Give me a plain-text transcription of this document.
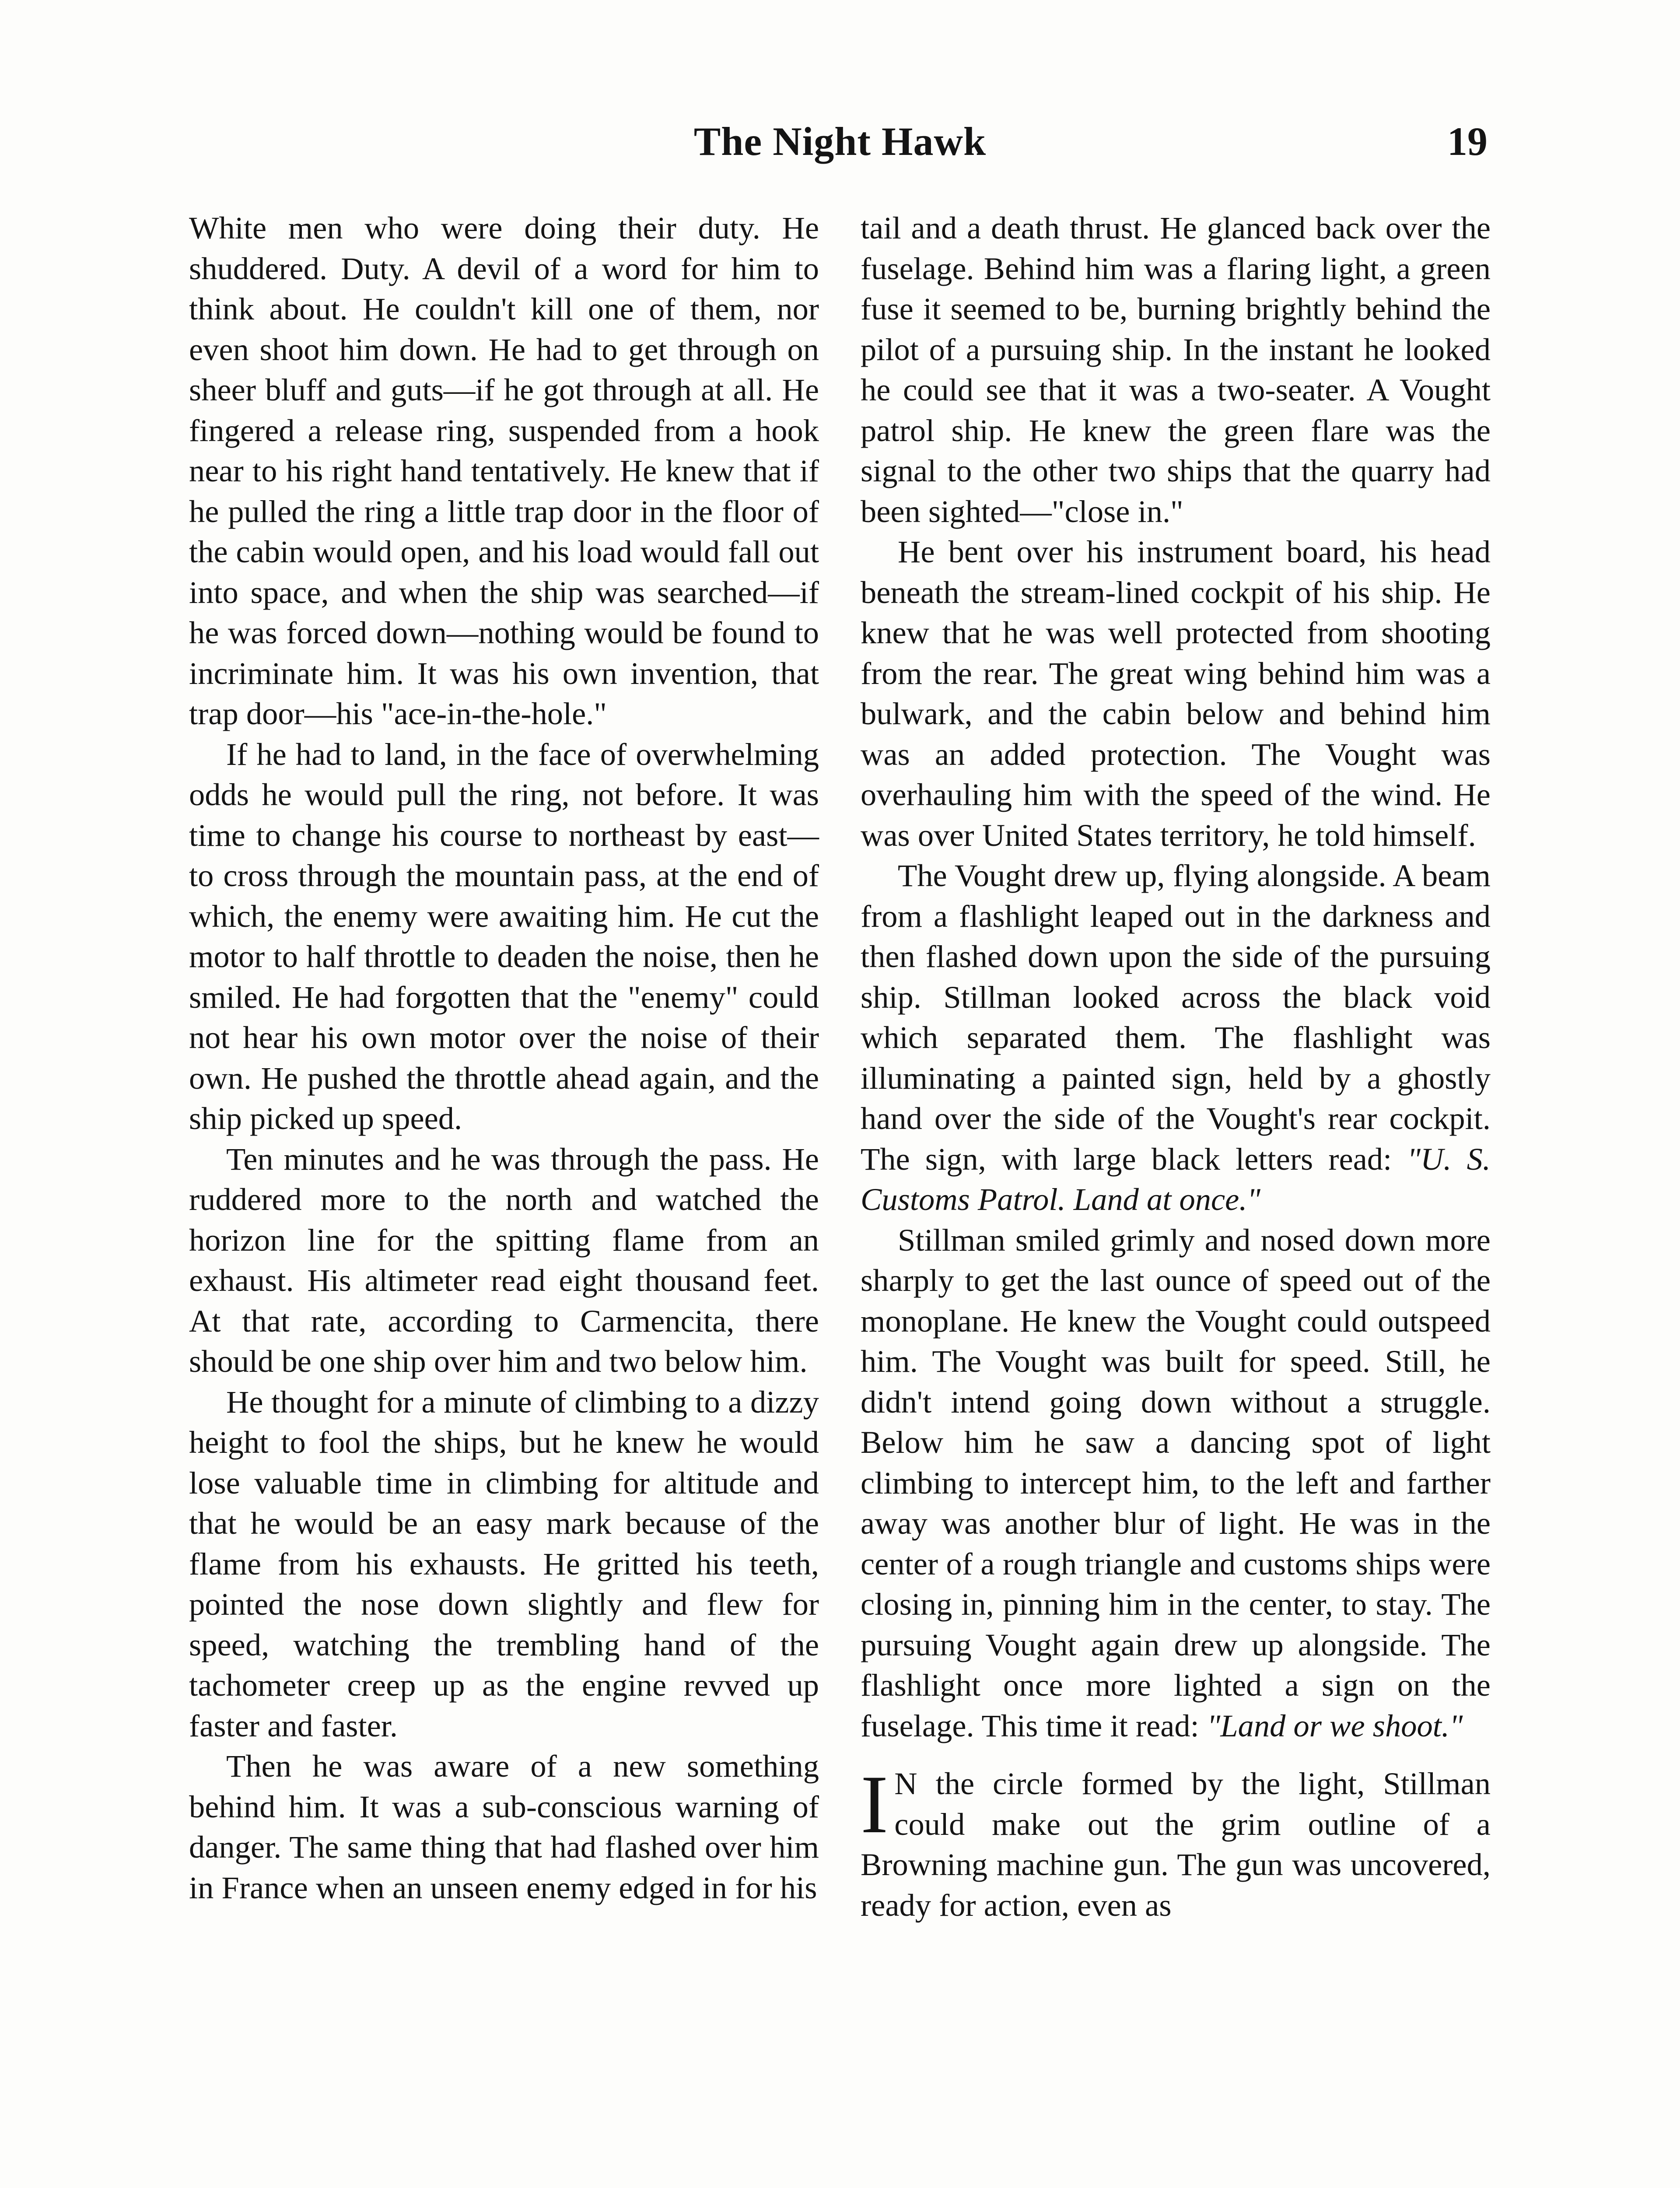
The Night Hawk	19

White men who were doing their duty. He shuddered. Duty. A devil of a word for him to think about. He couldn't kill one of them, nor even shoot him down. He had to get through on sheer bluff and guts—if he got through at all. He fingered a release ring, suspended from a hook near to his right hand tentatively. He knew that if he pulled the ring a little trap door in the floor of the cabin would open, and his load would fall out into space, and when the ship was searched—if he was forced down—nothing would be found to incriminate him. It was his own invention, that trap door—his "ace-in-the-hole."

If he had to land, in the face of overwhelming odds he would pull the ring, not before. It was time to change his course to northeast by east—to cross through the mountain pass, at the end of which, the enemy were awaiting him. He cut the motor to half throttle to deaden the noise, then he smiled. He had forgotten that the "enemy" could not hear his own motor over the noise of their own. He pushed the throttle ahead again, and the ship picked up speed.

Ten minutes and he was through the pass. He ruddered more to the north and watched the horizon line for the spitting flame from an exhaust. His altimeter read eight thousand feet. At that rate, according to Carmencita, there should be one ship over him and two below him.

He thought for a minute of climbing to a dizzy height to fool the ships, but he knew he would lose valuable time in climbing for altitude and that he would be an easy mark because of the flame from his exhausts. He gritted his teeth, pointed the nose down slightly and flew for speed, watching the trembling hand of the tachometer creep up as the engine revved up faster and faster.

Then he was aware of a new something behind him. It was a sub-conscious warning of danger. The same thing that had flashed over him in France when an unseen enemy edged in for his

tail and a death thrust. He glanced back over the fuselage. Behind him was a flaring light, a green fuse it seemed to be, burning brightly behind the pilot of a pursuing ship. In the instant he looked he could see that it was a two-seater. A Vought patrol ship. He knew the green flare was the signal to the other two ships that the quarry had been sighted—"close in."

He bent over his instrument board, his head beneath the stream-lined cockpit of his ship. He knew that he was well protected from shooting from the rear. The great wing behind him was a bulwark, and the cabin below and behind him was an added protection. The Vought was overhauling him with the speed of the wind. He was over United States territory, he told himself.

The Vought drew up, flying alongside. A beam from a flashlight leaped out in the darkness and then flashed down upon the side of the pursuing ship. Stillman looked across the black void which separated them. The flashlight was illuminating a painted sign, held by a ghostly hand over the side of the Vought's rear cockpit. The sign, with large black letters read: "U. S. Customs Patrol. Land at once."

Stillman smiled grimly and nosed down more sharply to get the last ounce of speed out of the monoplane. He knew the Vought could outspeed him. The Vought was built for speed. Still, he didn't intend going down without a struggle. Below him he saw a dancing spot of light climbing to intercept him, to the left and farther away was another blur of light. He was in the center of a rough triangle and customs ships were closing in, pinning him in the center, to stay. The pursuing Vought again drew up alongside. The flashlight once more lighted a sign on the fuselage. This time it read: "Land or we shoot."

I N the circle formed by the light, Stillman could make out the grim outline of a Browning machine gun. The gun was uncovered, ready for action, even as
